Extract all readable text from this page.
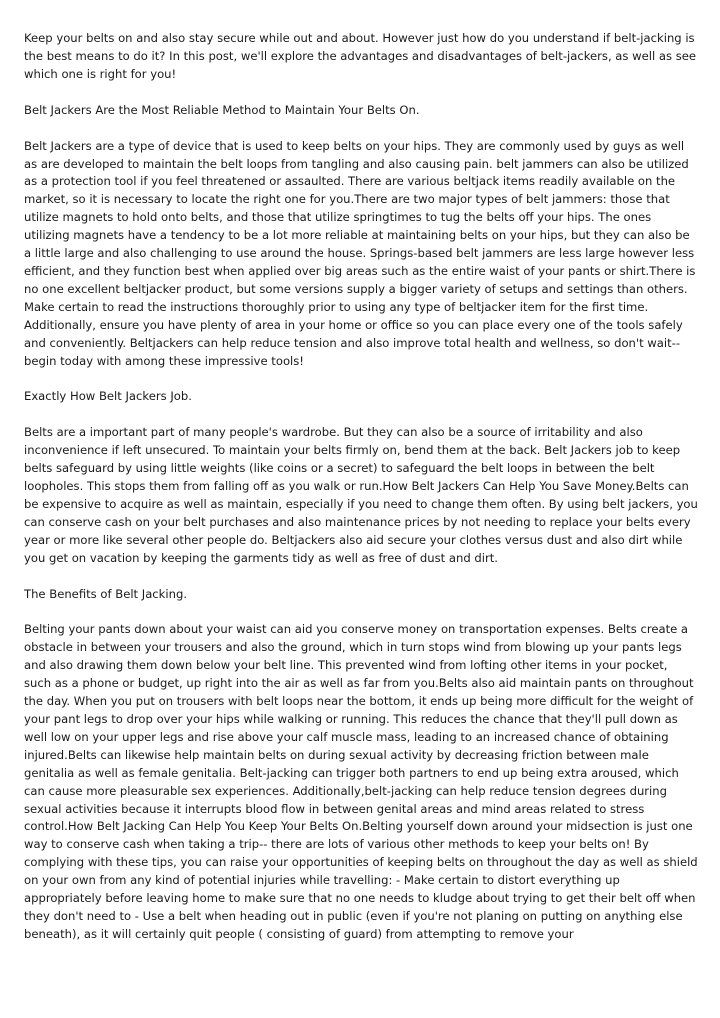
Keep your belts on and also stay secure while out and about. However just how do you understand if belt-jacking is the best means to do it? In this post, we'll explore the advantages and disadvantages of belt-jackers, as well as see which one is right for you!

Belt Jackers Are the Most Reliable Method to Maintain Your Belts On.

Belt Jackers are a type of device that is used to keep belts on your hips. They are commonly used by guys as well as are developed to maintain the belt loops from tangling and also causing pain. belt jammers can also be utilized as a protection tool if you feel threatened or assaulted. There are various beltjack items readily available on the market, so it is necessary to locate the right one for you.There are two major types of belt jammers: those that utilize magnets to hold onto belts, and those that utilize springtimes to tug the belts off your hips. The ones utilizing magnets have a tendency to be a lot more reliable at maintaining belts on your hips, but they can also be a little large and also challenging to use around the house. Springs-based belt jammers are less large however less efficient, and they function best when applied over big areas such as the entire waist of your pants or shirt.There is no one excellent beltjacker product, but some versions supply a bigger variety of setups and settings than others. Make certain to read the instructions thoroughly prior to using any type of beltjacker item for the first time. Additionally, ensure you have plenty of area in your home or office so you can place every one of the tools safely and conveniently. Beltjackers can help reduce tension and also improve total health and wellness, so don't wait-- begin today with among these impressive tools!

Exactly How Belt Jackers Job.

Belts are a important part of many people's wardrobe. But they can also be a source of irritability and also inconvenience if left unsecured. To maintain your belts firmly on, bend them at the back. Belt Jackers job to keep belts safeguard by using little weights (like coins or a secret) to safeguard the belt loops in between the belt loopholes. This stops them from falling off as you walk or run.How Belt Jackers Can Help You Save Money.Belts can be expensive to acquire as well as maintain, especially if you need to change them often. By using belt jackers, you can conserve cash on your belt purchases and also maintenance prices by not needing to replace your belts every year or more like several other people do. Beltjackers also aid secure your clothes versus dust and also dirt while you get on vacation by keeping the garments tidy as well as free of dust and dirt.

The Benefits of Belt Jacking.

Belting your pants down about your waist can aid you conserve money on transportation expenses. Belts create a obstacle in between your trousers and also the ground, which in turn stops wind from blowing up your pants legs and also drawing them down below your belt line. This prevented wind from lofting other items in your pocket, such as a phone or budget, up right into the air as well as far from you.Belts also aid maintain pants on throughout the day. When you put on trousers with belt loops near the bottom, it ends up being more difficult for the weight of your pant legs to drop over your hips while walking or running. This reduces the chance that they'll pull down as well low on your upper legs and rise above your calf muscle mass, leading to an increased chance of obtaining injured.Belts can likewise help maintain belts on during sexual activity by decreasing friction between male genitalia as well as female genitalia. Belt-jacking can trigger both partners to end up being extra aroused, which can cause more pleasurable sex experiences. Additionally,belt-jacking can help reduce tension degrees during sexual activities because it interrupts blood flow in between genital areas and mind areas related to stress control.How Belt Jacking Can Help You Keep Your Belts On.Belting yourself down around your midsection is just one way to conserve cash when taking a trip-- there are lots of various other methods to keep your belts on! By complying with these tips, you can raise your opportunities of keeping belts on throughout the day as well as shield on your own from any kind of potential injuries while travelling: - Make certain to distort everything up appropriately before leaving home to make sure that no one needs to kludge about trying to get their belt off when they don't need to - Use a belt when heading out in public (even if you're not planing on putting on anything else beneath), as it will certainly quit people ( consisting of guard) from attempting to remove your
